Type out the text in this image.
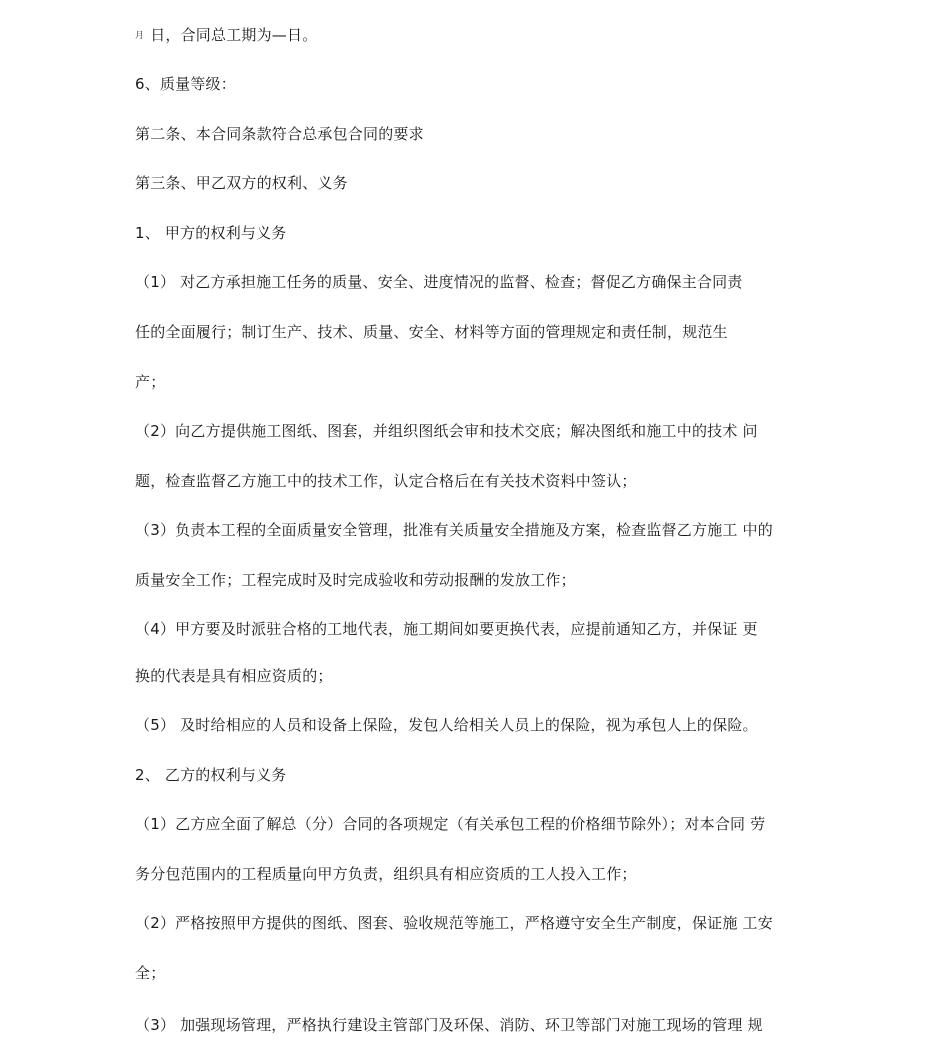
月 日，合同总工期为—日。
6、质量等级：
第二条、本合同条款符合总承包合同的要求
第三条、甲乙双方的权利、义务
1、 甲方的权利与义务
（1） 对乙方承担施工任务的质量、安全、进度情况的监督、检查；督促乙方确保主合同责
任的全面履行；制订生产、技术、质量、安全、材料等方面的管理规定和责任制，规范生
产；
（2）向乙方提供施工图纸、图套，并组织图纸会审和技术交底；解决图纸和施工中的技术 问
题，检查监督乙方施工中的技术工作，认定合格后在有关技术资料中签认；
（3）负责本工程的全面质量安全管理，批准有关质量安全措施及方案，检查监督乙方施工 中的
质量安全工作；工程完成时及时完成验收和劳动报酬的发放工作；
（4）甲方要及时派驻合格的工地代表，施工期间如要更换代表，应提前通知乙方，并保证 更
换的代表是具有相应资质的；
（5） 及时给相应的人员和设备上保险，发包人给相关人员上的保险，视为承包人上的保险。
2、 乙方的权利与义务
（1）乙方应全面了解总（分）合同的各项规定（有关承包工程的价格细节除外）；对本合同 劳
务分包范围内的工程质量向甲方负责，组织具有相应资质的工人投入工作；
（2）严格按照甲方提供的图纸、图套、验收规范等施工，严格遵守安全生产制度，保证施 工安
全；
（3） 加强现场管理，严格执行建设主管部门及环保、消防、环卫等部门对施工现场的管理 规
